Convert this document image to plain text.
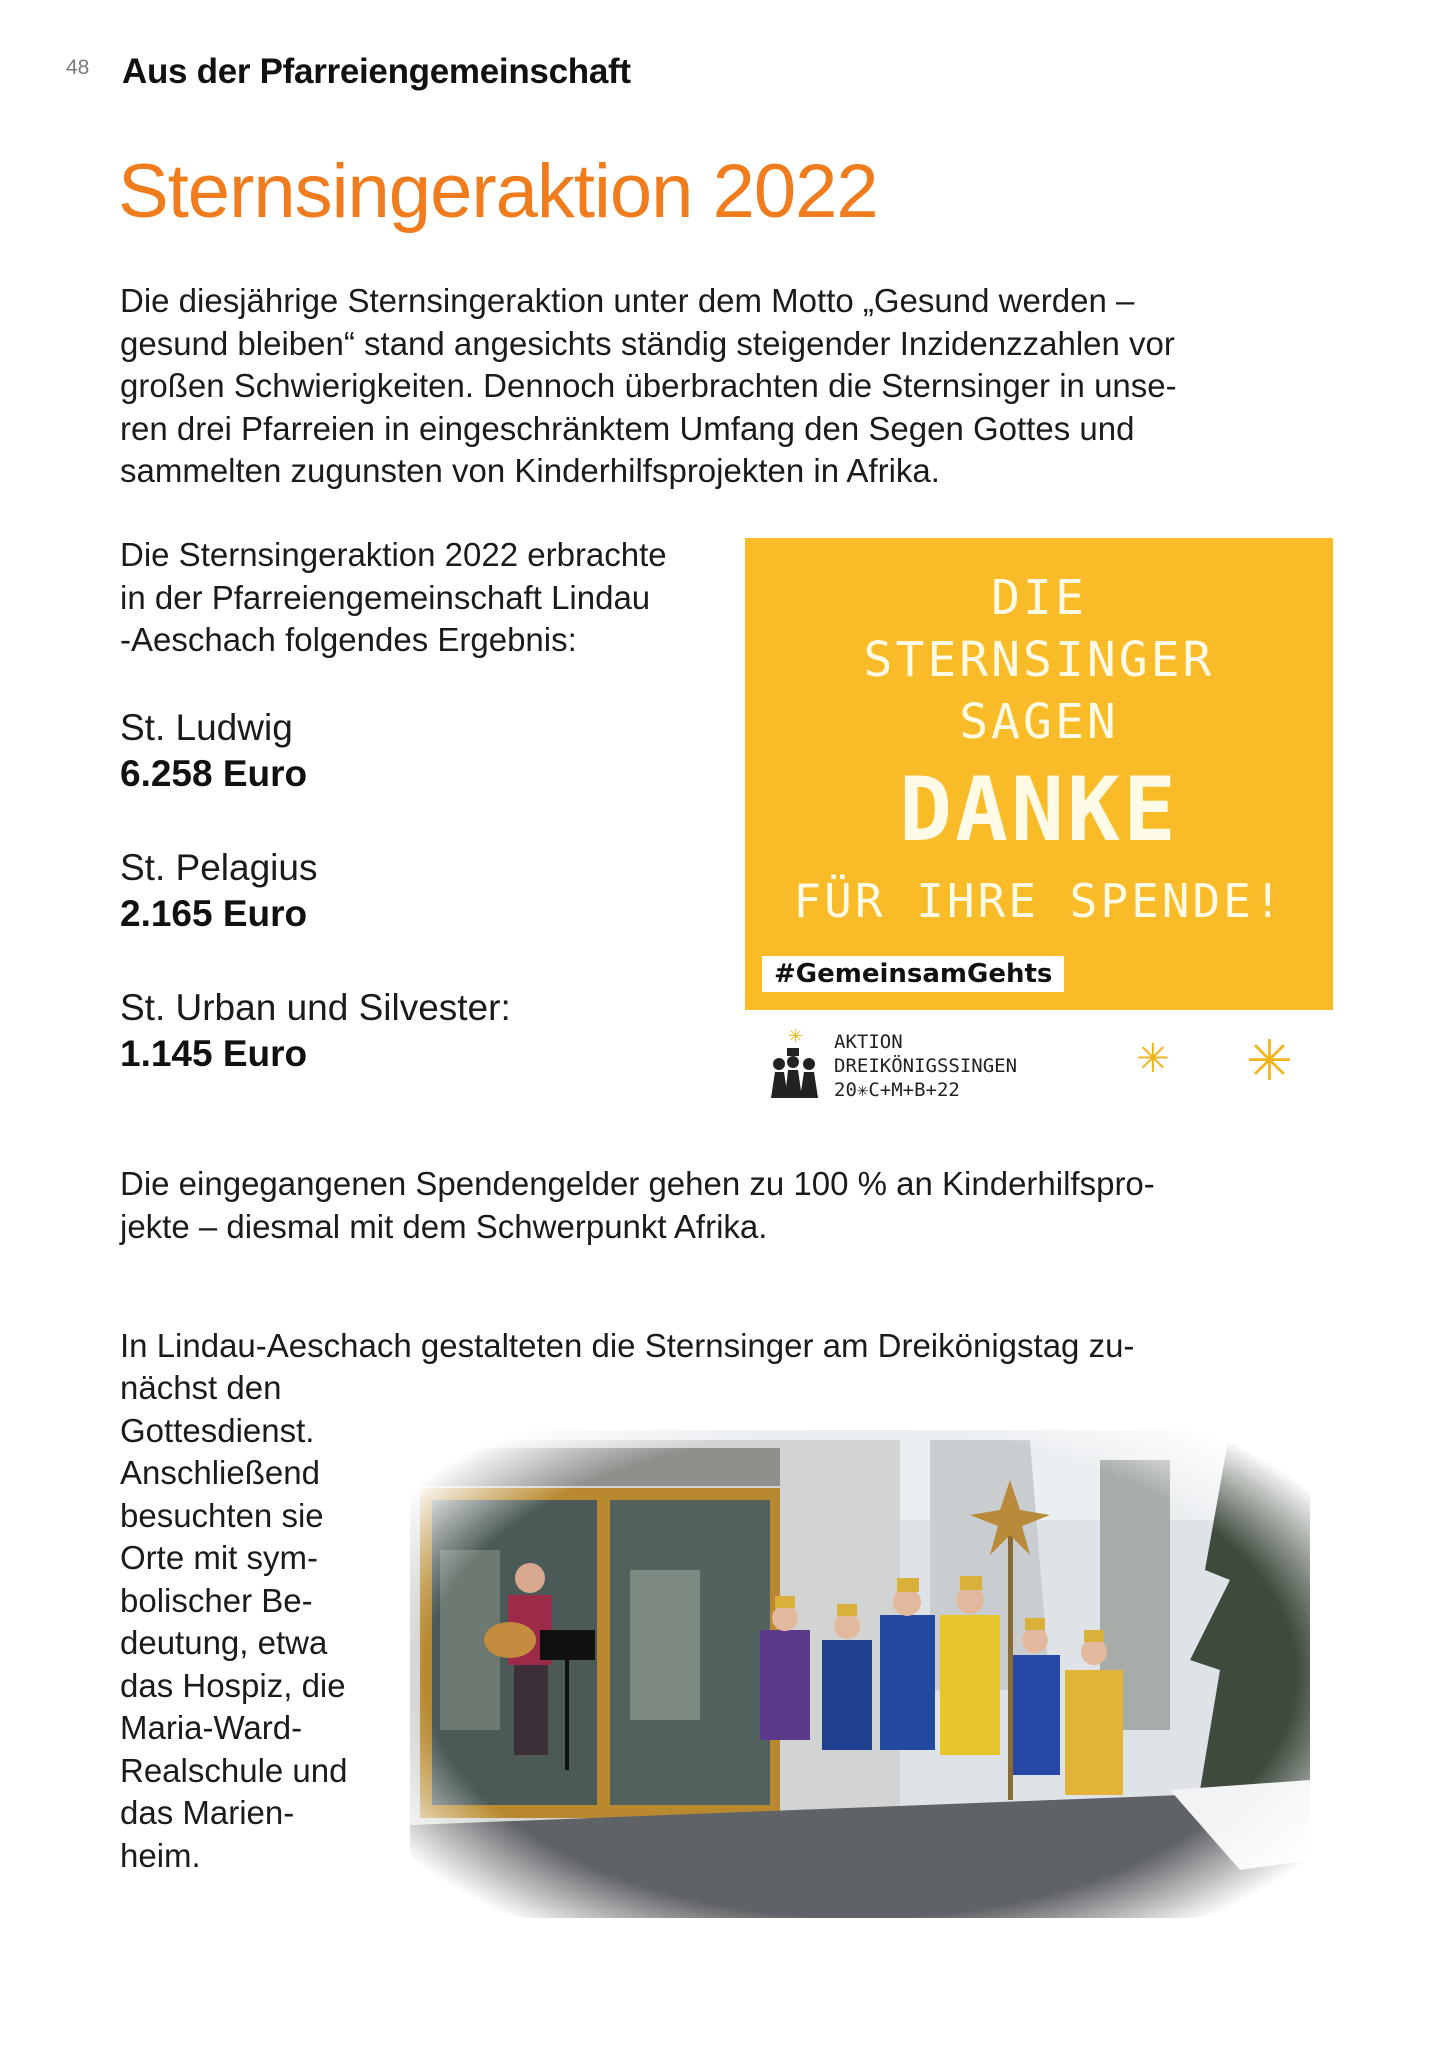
48 Aus der Pfarreiengemeinschaft
Sternsingeraktion 2022

Die diesjährige Sternsingeraktion unter dem Motto „Gesund werden –
gesund bleiben“ stand angesichts ständig steigender Inzidenzzahlen vor
großen Schwierigkeiten. Dennoch überbrachten die Sternsinger in unse-
ren drei Pfarreien in eingeschränktem Umfang den Segen Gottes und
sammelten zugunsten von Kinderhilfsprojekten in Afrika.

Die Sternsingeraktion 2022 erbrachte
in der Pfarreiengemeinschaft Lindau
-Aeschach folgendes Ergebnis:

St. Ludwig
6.258 Euro
St. Pelagius
2.165 Euro
St. Urban und Silvester:
1.145 Euro
DIE
STERNSINGER
SAGEN
DANKE
FÜR IHRE SPENDE!
#GemeinsamGehts
✳ AKTION
DREIKÖNIGSSINGEN
20✳C+M+B+22
✳ ✳

Die eingegangenen Spendengelder gehen zu 100 % an Kinderhilfspro-
jekte – diesmal mit dem Schwerpunkt Afrika.

In Lindau-Aeschach gestalteten die Sternsinger am Dreikönigstag zu-

nächst den
Gottesdienst.
Anschließend
besuchten sie
Orte mit sym-
bolischer Be-
deutung, etwa
das Hospiz, die
Maria-Ward-
Realschule und
das Marien-
heim.
